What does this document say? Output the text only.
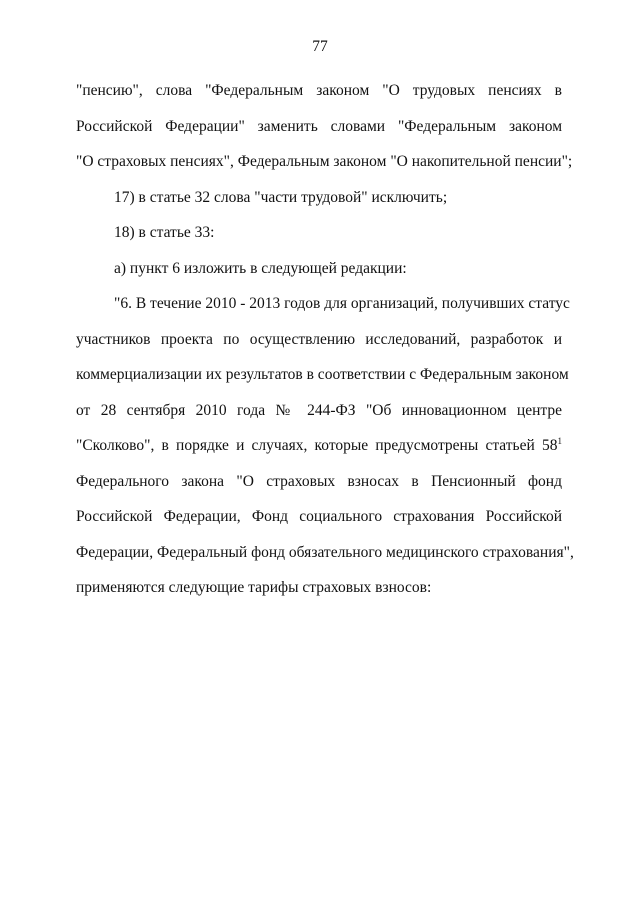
77
"пенсию", слова "Федеральным законом "О трудовых пенсиях в
Российской Федерации" заменить словами "Федеральным законом
"О страховых пенсиях", Федеральным законом "О накопительной пенсии";
17) в статье 32 слова "части трудовой" исключить;
18) в статье 33:
а) пункт 6 изложить в следующей редакции:
"6. В течение 2010 - 2013 годов для организаций, получивших статус
участников проекта по осуществлению исследований, разработок и
коммерциализации их результатов в соответствии с Федеральным законом
от 28 сентября 2010 года № 244-ФЗ "Об инновационном центре
"Сколково", в порядке и случаях, которые предусмотрены статьей $58^1$
Федерального закона "О страховых взносах в Пенсионный фонд
Российской Федерации, Фонд социального страхования Российской
Федерации, Федеральный фонд обязательного медицинского страхования",
применяются следующие тарифы страховых взносов:
